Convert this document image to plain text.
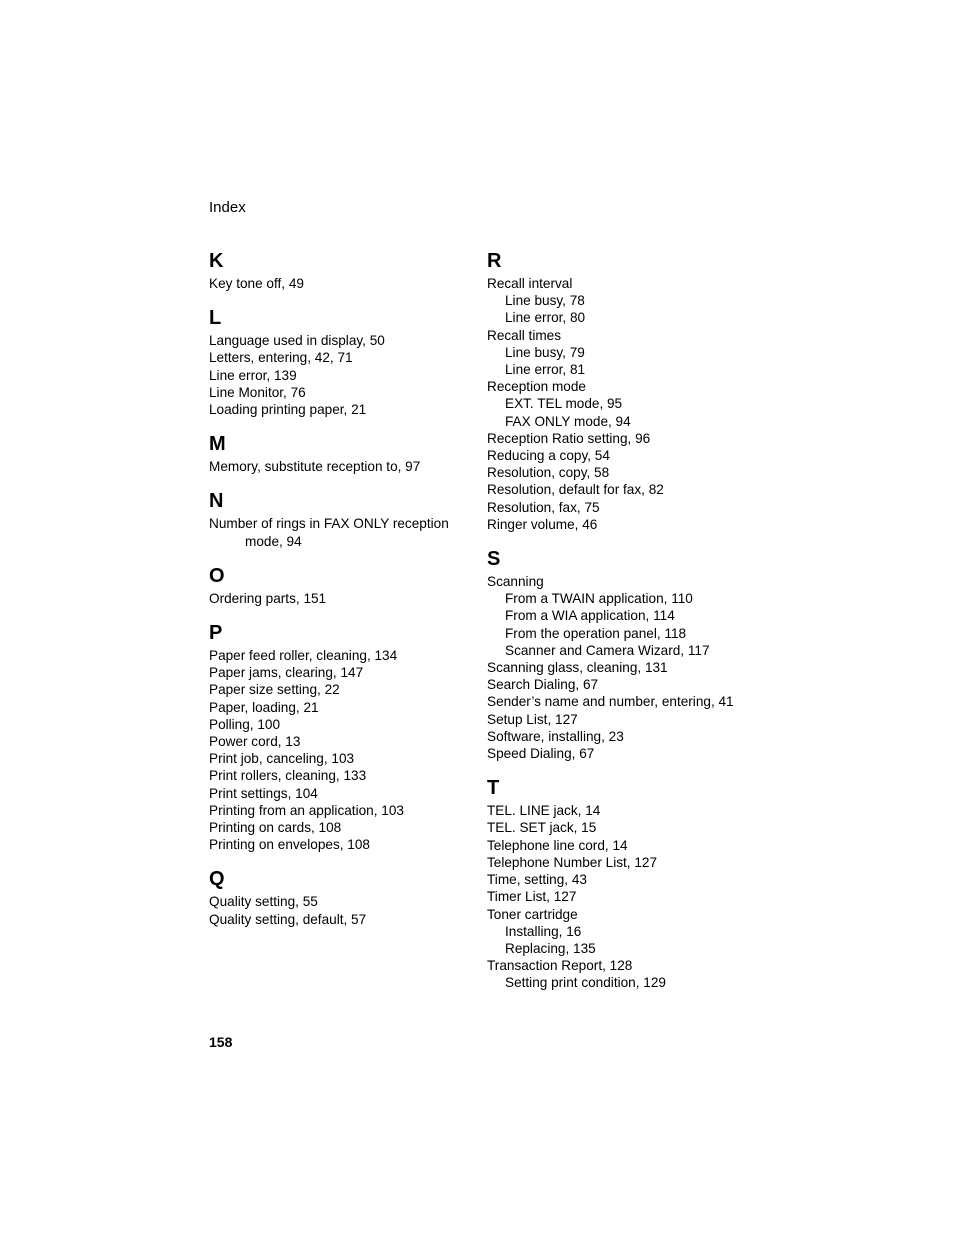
Index
K
Key tone off, 49
L
Language used in display, 50
Letters, entering, 42, 71
Line error, 139
Line Monitor, 76
Loading printing paper, 21
M
Memory, substitute reception to, 97
N
Number of rings in FAX ONLY reception mode, 94
O
Ordering parts, 151
P
Paper feed roller, cleaning, 134
Paper jams, clearing, 147
Paper size setting, 22
Paper, loading, 21
Polling, 100
Power cord, 13
Print job, canceling, 103
Print rollers, cleaning, 133
Print settings, 104
Printing from an application, 103
Printing on cards, 108
Printing on envelopes, 108
Q
Quality setting, 55
Quality setting, default, 57
R
Recall interval
Line busy, 78
Line error, 80
Recall times
Line busy, 79
Line error, 81
Reception mode
EXT. TEL mode, 95
FAX ONLY mode, 94
Reception Ratio setting, 96
Reducing a copy, 54
Resolution, copy, 58
Resolution, default for fax, 82
Resolution, fax, 75
Ringer volume, 46
S
Scanning
From a TWAIN application, 110
From a WIA application, 114
From the operation panel, 118
Scanner and Camera Wizard, 117
Scanning glass, cleaning, 131
Search Dialing, 67
Sender’s name and number, entering, 41
Setup List, 127
Software, installing, 23
Speed Dialing, 67
T
TEL. LINE jack, 14
TEL. SET jack, 15
Telephone line cord, 14
Telephone Number List, 127
Time, setting, 43
Timer List, 127
Toner cartridge
Installing, 16
Replacing, 135
Transaction Report, 128
Setting print condition, 129

158
